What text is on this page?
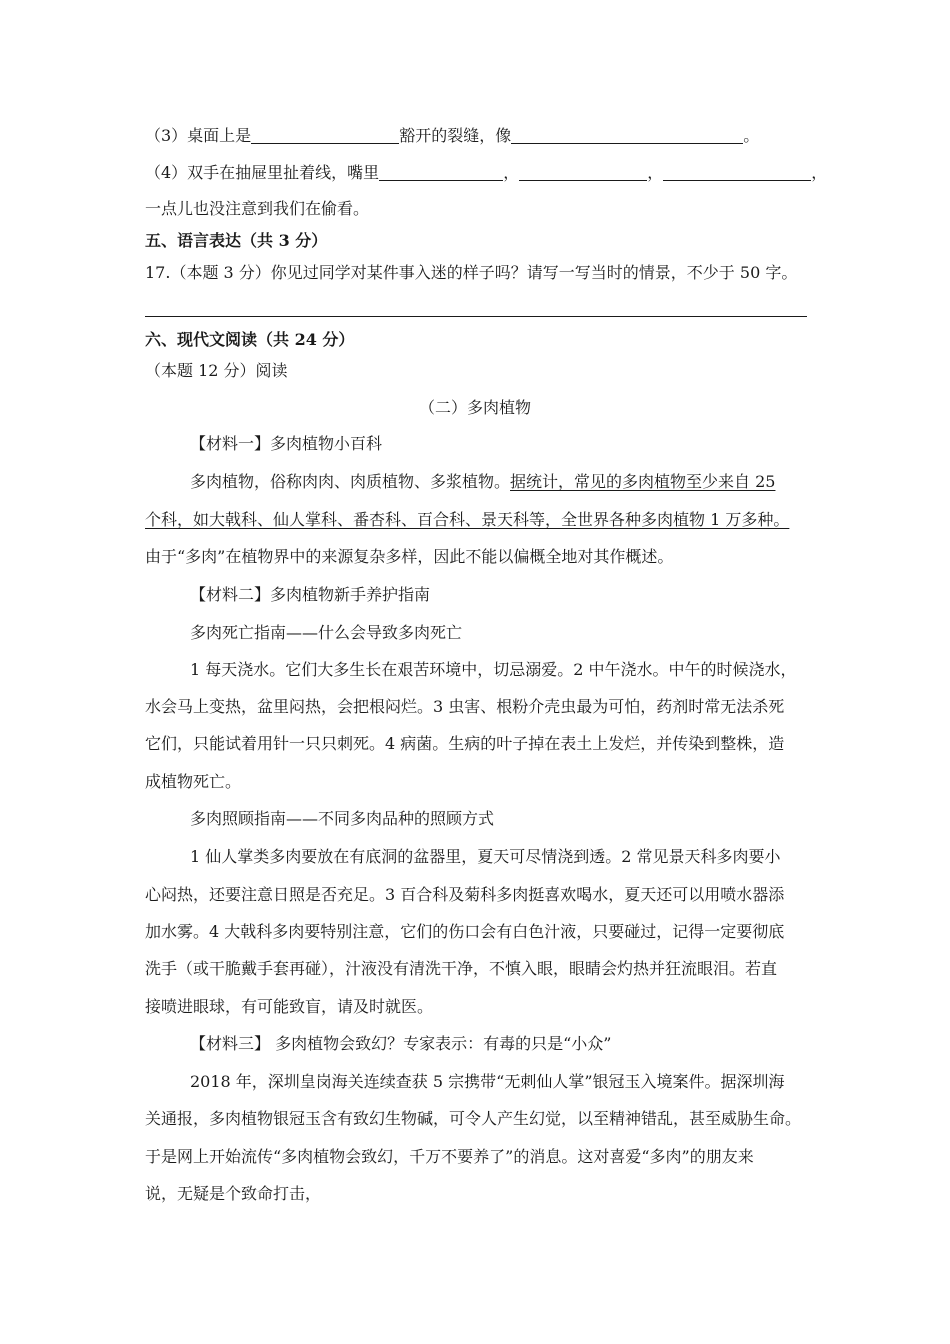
（3）桌面上是	豁开的裂缝，像	。
（4）双手在抽屉里扯着线，嘴里	，	，	，
一点儿也没注意到我们在偷看。
五、语言表达（共 3 分）
17.（本题 3 分）你见过同学对某件事入迷的样子吗？请写一写当时的情景，不少于 50 字。
六、现代文阅读（共 24 分）
（本题 12 分）阅读
（二）多肉植物
【材料一】多肉植物小百科
多肉植物，俗称肉肉、肉质植物、多浆植物。据统计，常见的多肉植物至少来自 25
个科，如大戟科、仙人掌科、番杏科、百合科、景天科等，全世界各种多肉植物 1 万多种。
由于“多肉”在植物界中的来源复杂多样，因此不能以偏概全地对其作概述。
【材料二】多肉植物新手养护指南
多肉死亡指南——什么会导致多肉死亡
1 每天浇水。它们大多生长在艰苦环境中，切忌溺爱。2 中午浇水。中午的时候浇水，
水会马上变热，盆里闷热，会把根闷烂。3 虫害、根粉介壳虫最为可怕，药剂时常无法杀死
它们，只能试着用针一只只刺死。4 病菌。生病的叶子掉在表土上发烂，并传染到整株，造
成植物死亡。
多肉照顾指南——不同多肉品种的照顾方式
1 仙人掌类多肉要放在有底洞的盆器里，夏天可尽情浇到透。2 常见景天科多肉要小
心闷热，还要注意日照是否充足。3 百合科及菊科多肉挺喜欢喝水，夏天还可以用喷水器添
加水雾。4 大戟科多肉要特别注意，它们的伤口会有白色汁液，只要碰过，记得一定要彻底
洗手（或干脆戴手套再碰），汁液没有清洗干净，不慎入眼，眼睛会灼热并狂流眼泪。若直
接喷进眼球，有可能致盲，请及时就医。
【材料三】 多肉植物会致幻？专家表示：有毒的只是“小众”
2018 年，深圳皇岗海关连续查获 5 宗携带“无刺仙人掌”银冠玉入境案件。据深圳海
关通报，多肉植物银冠玉含有致幻生物碱，可令人产生幻觉，以至精神错乱，甚至威胁生命。
于是网上开始流传“多肉植物会致幻，千万不要养了”的消息。这对喜爱“多肉”的朋友来
说，无疑是个致命打击，
